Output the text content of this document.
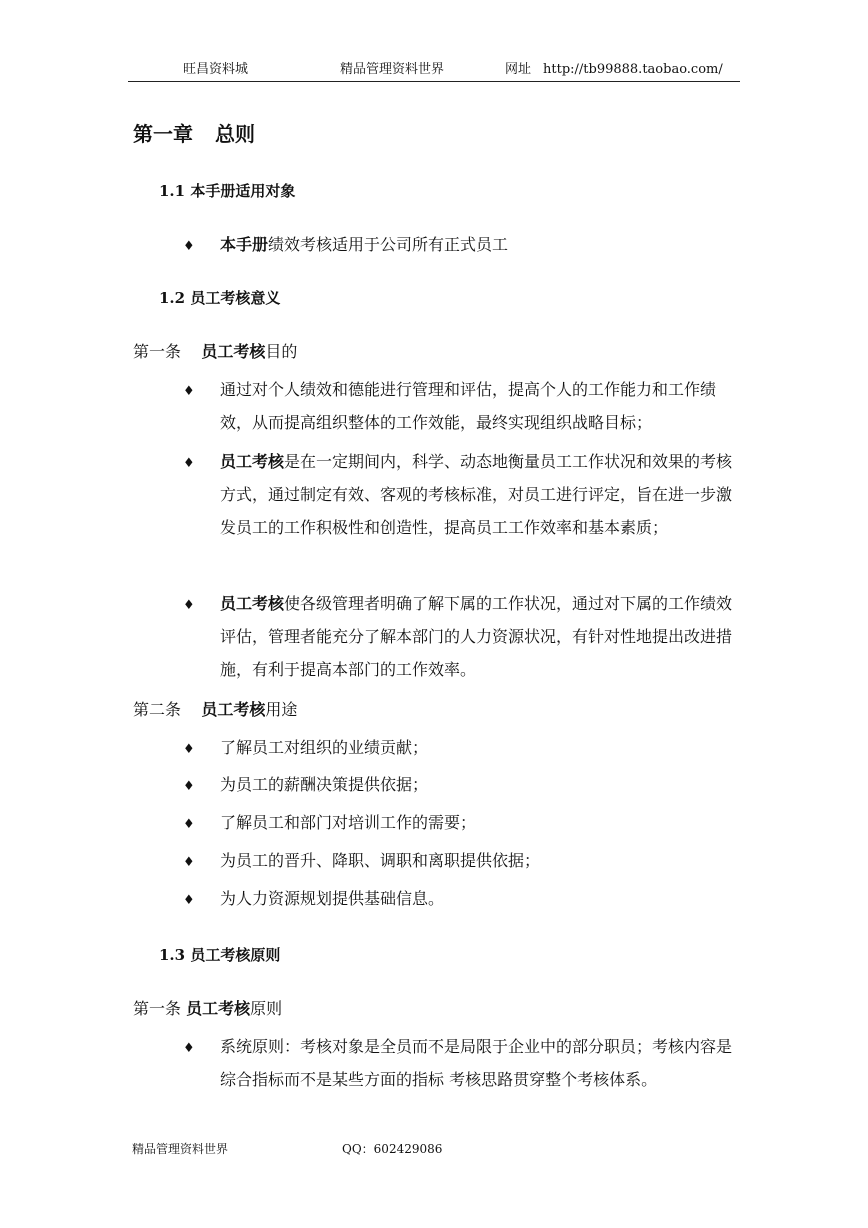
旺昌资料城	精品管理资料世界	网址 http://tb99888.taobao.com/
第一章 总则
1.1 本手册适用对象
♦ 本手册绩效考核适用于公司所有正式员工
1.2 员工考核意义
第一条 员工考核目的
♦ 通过对个人绩效和德能进行管理和评估，提高个人的工作能力和工作绩效，从而提高组织整体的工作效能，最终实现组织战略目标；
♦ 员工考核是在一定期间内，科学、动态地衡量员工工作状况和效果的考核方式，通过制定有效、客观的考核标准，对员工进行评定，旨在进一步激发员工的工作积极性和创造性，提高员工工作效率和基本素质；
♦ 员工考核使各级管理者明确了解下属的工作状况，通过对下属的工作绩效评估，管理者能充分了解本部门的人力资源状况，有针对性地提出改进措施，有利于提高本部门的工作效率。
第二条 员工考核用途
♦ 了解员工对组织的业绩贡献；
♦ 为员工的薪酬决策提供依据；
♦ 了解员工和部门对培训工作的需要；
♦ 为员工的晋升、降职、调职和离职提供依据；
♦ 为人力资源规划提供基础信息。
1.3 员工考核原则
第一条 员工考核原则
♦ 系统原则：考核对象是全员而不是局限于企业中的部分职员；考核内容是综合指标而不是某些方面的指标 考核思路贯穿整个考核体系。
精品管理资料世界	QQ：602429086
